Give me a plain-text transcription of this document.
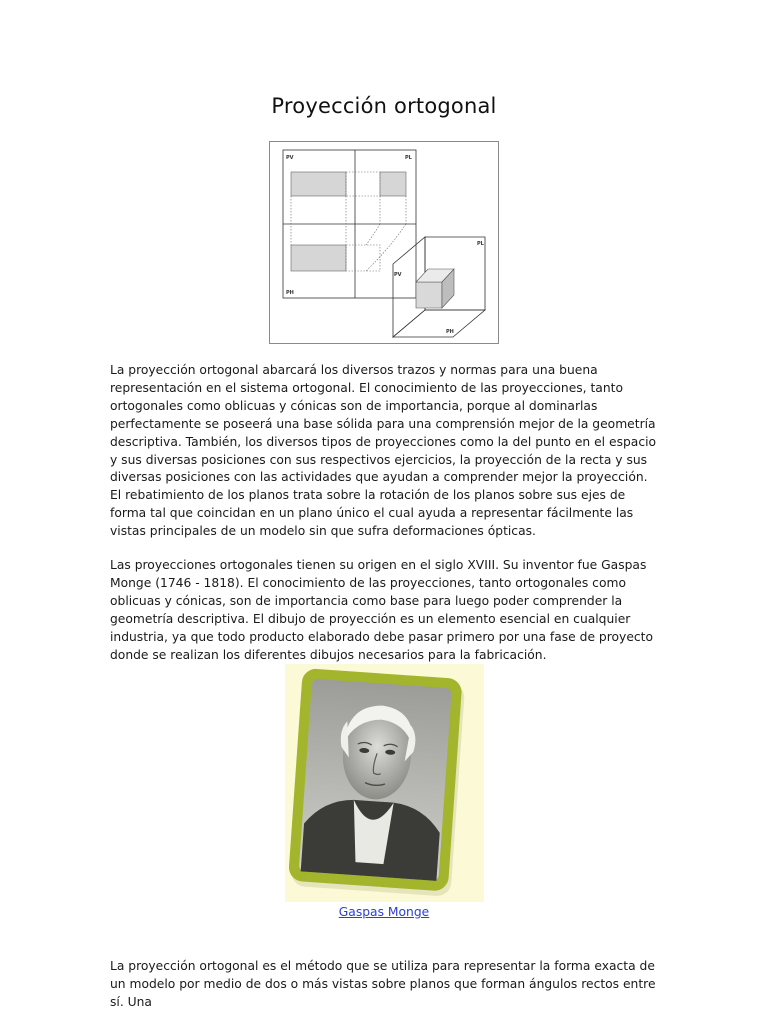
Proyección ortogonal
PV	PL
PH
PL
PV
PH

La proyección ortogonal abarcará los diversos trazos y normas para una buena representación en el sistema ortogonal. El conocimiento de las proyecciones, tanto ortogonales como oblicuas y cónicas son de importancia, porque al dominarlas perfectamente se poseerá una base sólida para una comprensión mejor de la geometría descriptiva. También, los diversos tipos de proyecciones como la del punto en el espacio y sus diversas posiciones con sus respectivos ejercicios, la proyección de la recta y sus diversas posiciones con las actividades que ayudan a comprender mejor la proyección. El rebatimiento de los planos trata sobre la rotación de los planos sobre sus ejes de forma tal que coincidan en un plano único el cual ayuda a representar fácilmente las vistas principales de un modelo sin que sufra deformaciones ópticas.

Las proyecciones ortogonales tienen su origen en el siglo XVIII. Su inventor fue Gaspas Monge (1746 - 1818). El conocimiento de las proyecciones, tanto ortogonales como oblicuas y cónicas, son de importancia como base para luego poder comprender la geometría descriptiva. El dibujo de proyección es un elemento esencial en cualquier industria, ya que todo producto elaborado debe pasar primero por una fase de proyecto donde se realizan los diferentes dibujos necesarios para la fabricación.

Gaspas Monge

La proyección ortogonal es el método que se utiliza para representar la forma exacta de un modelo por medio de dos o más vistas sobre planos que forman ángulos rectos entre sí. Una
